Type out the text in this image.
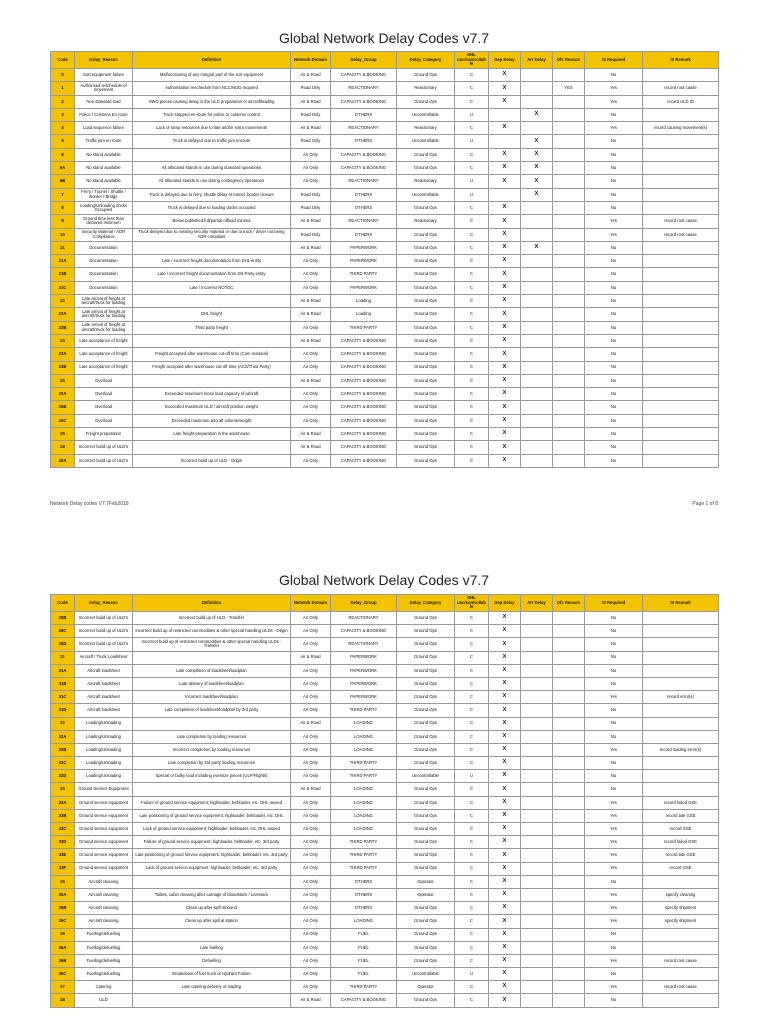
Global Network Delay Codes v7.7
Code	Delay_Reason	Definition	Network Domain	Delay_Group	Delay_Category	DHL unc/controllab le	Dep Delay	Arr Delay	Dfc Reason	SI Required	SI Remark
0	Sort equipment failure	Malfunctioning of any integral part of the sort equipment	Air & Road	CAPACITY & BOOKING	Ground Ops	C	X			No	
1	Authorised reschedule of movement	Authorisation reschedule from NCC/NOD required	Road Only	REACTIONARY	Reactionary	C	X		YES	Yes	record root cause
2	Non standard load	HWO pieces causing delay in the ULD preparation or aircraftloading	Air & Road	CAPACITY & BOOKING	Ground Ops	C	X			Yes	record ULD ID
3	Police / Customs En route	Truck stopped en-route for police or customs control	Road Only	OTHERS	Uncontrollable	U		X		No	
4	Load sequence failure	Lack of ramp resources due to late and/or extra movements	Air & Road	REACTIONARY	Reactionary	C	X			Yes	record causing movement(s)
5	Traffic jam en route	Truck is delayed due to traffic jam enroute	Road Only	OTHERS	Uncontrollable	U		X		No	
6	No stand available		Air Only	CAPACITY & BOOKING	Ground Ops	C	X	X		No	
6A	No stand available	All allocated stands in use during standard operations	Air Only	CAPACITY & BOOKING	Ground Ops	C	X	X		No	
6B	No stand available	All allocated stands in use during contingency operations	Air Only	REACTIONARY	Reactionary	U	X	X		No	
7	Ferry / Tunnel / Shuttle / Border / Bridge	Truck is delayed due to ferry, shuttle delay or tunnel, border closure	Road Only	OTHERS	Uncontrollable	U		X		No	
8	Loading/Unloading docks Occupied	Truck is delayed due to loading docks occupied	Road Only	OTHERS	Ground Ops	C	X			No	
9	Ground time less than declared minimum	Below published full/partial offload minima	Air & Road	REACTIONARY	Reactionary	C	X			Yes	record root cause
10	Security Material / ADR Compliance	Truck delayed due to missing security material or due to truck / driver not being ADR compliant	Road Only	OTHERS	Ground Ops	C	X			Yes	record root cause
21	Documentation		Air & Road	PAPERWORK	Ground Ops	C	X	X		No	
21A	Documentation	Late / incorrect freight documentation from DHL entity	Air Only	PAPERWORK	Ground Ops	C	X			No	
21B	Documentation	Late / incorrect freight documentation from 3rd Party entity	Air Only	THIRD PARTY	Ground Ops	C	X			No	
21C	Documentation	Late / incorrect NOTOC	Air Only	PAPERWORK	Ground Ops	C	X			No	
22	Late arrival of freight at aircraft/truck for loading		Air & Road	Loading	Ground Ops	C	X			No	
22A	Late arrival of freight at aircraft/truck for loading	DHL freight	Air & Road	Loading	Ground Ops	C	X			No	
22B	Late arrival of freight at aircraft/truck for loading	Third party freight	Air Only	THIRD PARTY	Ground Ops	C	X			No	
23	Late acceptance of freight		Air & Road	CAPACITY & BOOKING	Ground Ops	C	X			No	
23A	Late acceptance of freight	Freight accepted after warehouse cut-off time (Com material)	Air Only	CAPACITY & BOOKING	Ground Ops	C	X			No	
23B	Late acceptance of freight	Freight accepted after warehouse cut-off time (ACS/Third Party)	Air Only	CAPACITY & BOOKING	Ground Ops	C	X			No	
25	Overload		Air & Road	CAPACITY & BOOKING	Ground Ops	C	X			No	
25A	Overload	Exceeded maximum loose load capacity of aircraft	Air Only	CAPACITY & BOOKING	Ground Ops	C	X			No	
25B	Overload	Exceeded maximum ULD / aircraft position weight	Air Only	CAPACITY & BOOKING	Ground Ops	C	X			No	
25C	Overload	Exceeded maximum aircraft volume/weight	Air Only	CAPACITY & BOOKING	Ground Ops	C	X			No	
26	Freight preparation	Late freight preparation in the warehouse	Air & Road	CAPACITY & BOOKING	Ground Ops	C	X			No	
28	Incorrect build up of ULD's		Air & Road	CAPACITY & BOOKING	Ground Ops	C	X			No	
28A	Incorrect build up of ULD's	Incorrect build up of ULD - Origin	Air Only	CAPACITY & BOOKING	Ground Ops	C	X			No	
Network Delay codes V7.7Feb2018	Page 1 of 8
Global Network Delay Codes v7.7
Code	Delay_Reason	Definition	Network Domain	Delay_Group	Delay_Category	DHL unc/controllab le	Dep Delay	Arr Delay	Dfc Reason	SI Required	SI Remark
28B	Incorrect build up of ULD's	Incorrect build up of ULD - Transfer	Air Only	REACTIONARY	Ground Ops	C	X			No	
28C	Incorrect build up of ULD's	Incorrect build up of restricted commodities & other special handling ULDs - Origin	Air Only	CAPACITY & BOOKING	Ground Ops	C	X			No	
28D	Incorrect build up of ULD's	Incorrect build up of restricted commodities & other special handling ULDs - Transfer	Air Only	REACTIONARY	Ground Ops	C	X			No	
31	Aircraft / Truck Loadsheet		Air & Road	PAPERWORK	Ground Ops	C	X			No	
31A	Aircraft loadsheet	Late completion of loadsheet/loadplan	Air Only	PAPERWORK	Ground Ops	C	X			No	
31B	Aircraft loadsheet	Late delivery of loadsheet/loadplan	Air Only	PAPERWORK	Ground Ops	C	X			No	
31C	Aircraft loadsheet	Incorrect loadsheet/loadplan	Air Only	PAPERWORK	Ground Ops	C	X			Yes	record error(s)
31D	Aircraft loadsheet	Late completion of loadsheet/loadplan by 3rd party	Air Only	THIRD PARTY	Ground Ops	C	X			No	
32	Loading/Unloading		Air & Road	LOADING	Ground Ops	C	X			No	
32A	Loading/Unloading	Late completion by loading resources	Air Only	LOADING	Ground Ops	C	X			No	
32B	Loading/Unloading	Incorrect completion by loading resources	Air Only	LOADING	Ground Ops	C	X			Yes	record loading error(s)
32C	Loading/Unloading	Late completion by 3rd party loading resources	Air Only	THIRD PARTY	Ground Ops	C	X			No	
32D	Loading/Unloading	Special or bulky load including oversize pieces (ULP/Flights)	Air Only	THIRD PARTY	Uncontrollable	U	X			No	
33	Ground Service Equipment		Air & Road	LOADING	Ground Ops	C	X			No	
33A	Ground service equipment	Failure of ground service equipment; highloader, beltloader, etc. DHL owned	Air Only	LOADING	Ground Ops	C	X			Yes	record failed GSE
33B	Ground service equipment	Late positioning of ground service equipment; highloader, beltloader, etc. DHL	Air Only	LOADING	Ground Ops	C	X			Yes	record late GSE
33C	Ground service equipment	Lack of ground service equipment; highloader, beltloader, etc. DHL owned	Air Only	LOADING	Ground Ops	C	X			Yes	record GSE
33D	Ground service equipment	Failure of ground service equipment; highloader, beltloader, etc. 3rd party	Air Only	THIRD PARTY	Ground Ops	C	X			Yes	record failed GSE
33E	Ground service equipment	Late positioning of ground service equipment; highloader, beltloader, etc. 3rd party	Air Only	THIRD PARTY	Ground Ops	C	X			Yes	record late GSE
33F	Ground service equipment	Lack of ground service equipment; highloader, beltloader, etc. 3rd party	Air Only	THIRD PARTY	Ground Ops	C	X			Yes	record GSE
35	Aircraft cleaning		Air Only	OTHERS	Operator	C	X			No	
35A	Aircraft cleaning	Toilets, cabin cleaning after carriage of bloodstock / Livestock	Air Only	OTHERS	Operator	C	X			Yes	specify cleaning
35B	Aircraft cleaning	Clean up after spill inbound	Air Only	OTHERS	Ground Ops	C	X			Yes	specify shipment
35C	Aircraft cleaning	Clean up after spill at station	Air Only	LOADING	Ground Ops	C	X			Yes	specify shipment
36	Fuelling/defuelling		Air Only	FUEL	Ground Ops	C	X			No	
36A	Fuelling/defuelling	Late fuelling	Air Only	FUEL	Ground Ops	C	X			No	
36B	Fuelling/defuelling	Defuelling	Air Only	FUEL	Ground Ops	C	X			Yes	record root cause
36C	Fuelling/defuelling	Breakdown of fuel truck or Hydrant Failure	Air Only	FUEL	Uncontrollable	U	X			No	
37	Catering	Late catering delivery or loading	Air Only	THIRD PARTY	Operator	C	X			Yes	record root cause
38	ULD		Air & Road	CAPACITY & BOOKING	Ground Ops	C	X			No	
